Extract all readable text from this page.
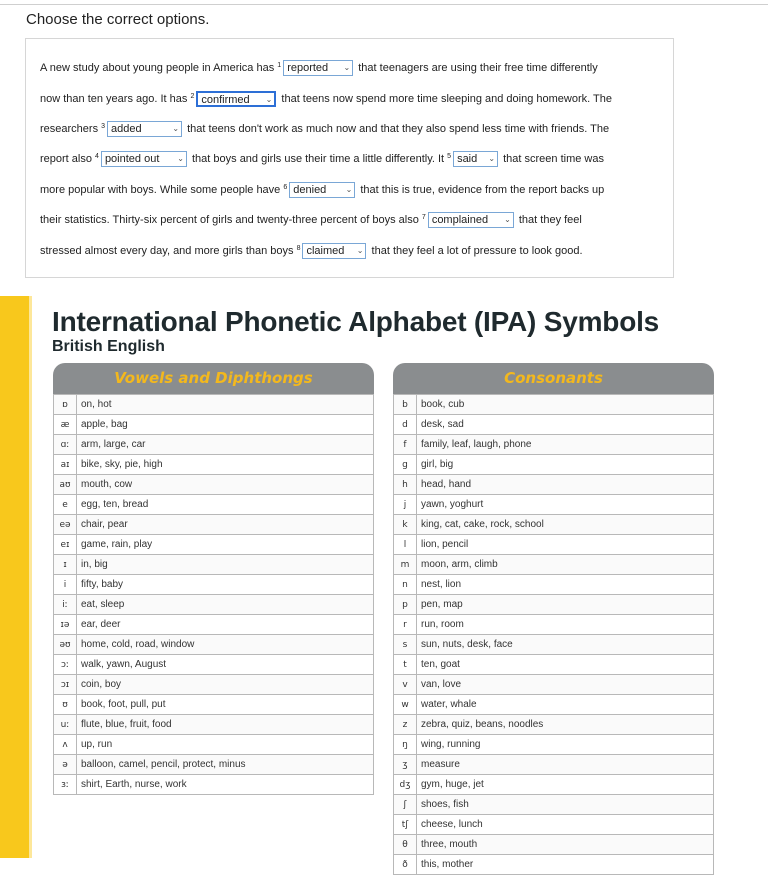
Choose the correct options.
A new study about young people in America has $^1$ reported ⌄ that teenagers are using their free time differently
now than ten years ago. It has $^2$ confirmed ⌄ that teens now spend more time sleeping and doing homework. The
researchers $^3$ added	⌄ that teens don't work as much now and that they also spend less time with friends. The
report also $^4$ pointed out ⌄ that boys and girls use their time a little differently. It $^5$ said ⌄ that screen time was
more popular with boys. While some people have $^6$ denied ⌄ that this is true, evidence from the report backs up
their statistics. Thirty-six percent of girls and twenty-three percent of boys also $^7$ complained ⌄ that they feel
stressed almost every day, and more girls than boys $^8$ claimed ⌄ that they feel a lot of pressure to look good.
International Phonetic Alphabet (IPA) Symbols
British English
Vowels and Diphthongs
ɒ	on, hot
æ	apple, bag
ɑː	arm, large, car
aɪ	bike, sky, pie, high
aʊ	mouth, cow
e	egg, ten, bread
eə	chair, pear
eɪ	game, rain, play
ɪ	in, big
i	fifty, baby
iː	eat, sleep
ɪə	ear, deer
əʊ	home, cold, road, window
ɔː	walk, yawn, August
ɔɪ	coin, boy
ʊ	book, foot, pull, put
uː	flute, blue, fruit, food
ʌ	up, run
ə	balloon, camel, pencil, protect, minus
ɜː	shirt, Earth, nurse, work
Consonants
b	book, cub
d	desk, sad
f	family, leaf, laugh, phone
g	girl, big
h	head, hand
j	yawn, yoghurt
k	king, cat, cake, rock, school
l	lion, pencil
m	moon, arm, climb
n	nest, lion
p	pen, map
r	run, room
s	sun, nuts, desk, face
t	ten, goat
v	van, love
w	water, whale
z	zebra, quiz, beans, noodles
ŋ	wing, running
ʒ	measure
dʒ	gym, huge, jet
ʃ	shoes, fish
tʃ	cheese, lunch
θ	three, mouth
ð	this, mother
